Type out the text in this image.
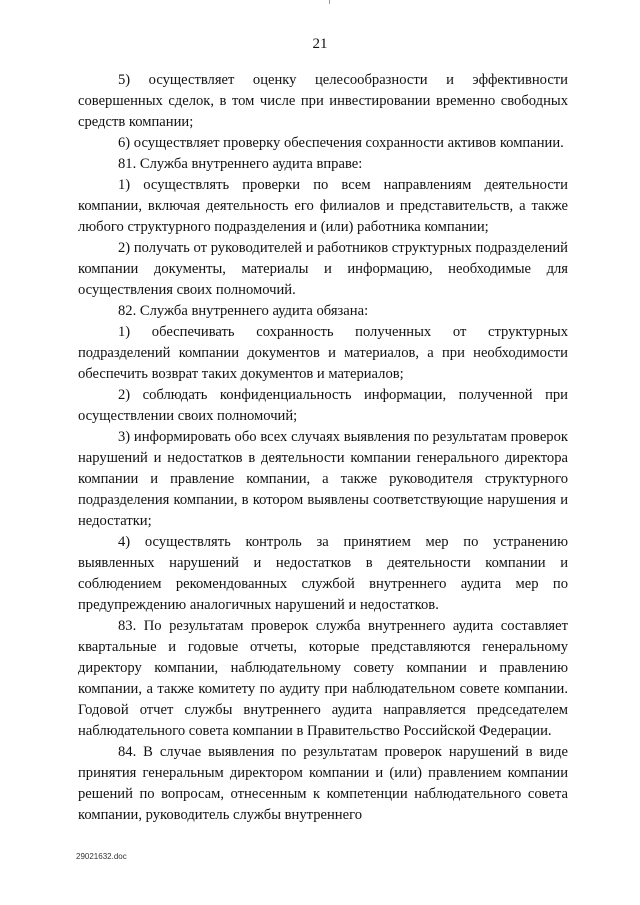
21

5) осуществляет оценку целесообразности и эффективности совершенных сделок, в том числе при инвестировании временно свободных средств компании;

6) осуществляет проверку обеспечения сохранности активов компании.

81. Служба внутреннего аудита вправе:

1) осуществлять проверки по всем направлениям деятельности компании, включая деятельность его филиалов и представительств, а также любого структурного подразделения и (или) работника компании;

2) получать от руководителей и работников структурных подразделений компании документы, материалы и информацию, необходимые для осуществления своих полномочий.

82. Служба внутреннего аудита обязана:

1) обеспечивать сохранность полученных от структурных подразделений компании документов и материалов, а при необходимости обеспечить возврат таких документов и материалов;

2) соблюдать конфиденциальность информации, полученной при осуществлении своих полномочий;

3) информировать обо всех случаях выявления по результатам проверок нарушений и недостатков в деятельности компании генерального директора компании и правление компании, а также руководителя структурного подразделения компании, в котором выявлены соответствующие нарушения и недостатки;

4) осуществлять контроль за принятием мер по устранению выявленных нарушений и недостатков в деятельности компании и соблюдением рекомендованных службой внутреннего аудита мер по предупреждению аналогичных нарушений и недостатков.

83. По результатам проверок служба внутреннего аудита составляет квартальные и годовые отчеты, которые представляются генеральному директору компании, наблюдательному совету компании и правлению компании, а также комитету по аудиту при наблюдательном совете компании. Годовой отчет службы внутреннего аудита направляется председателем наблюдательного совета компании в Правительство Российской Федерации.

84. В случае выявления по результатам проверок нарушений в виде принятия генеральным директором компании и (или) правлением компании решений по вопросам, отнесенным к компетенции наблюдательного совета компании, руководитель службы внутреннего

29021632.doc
